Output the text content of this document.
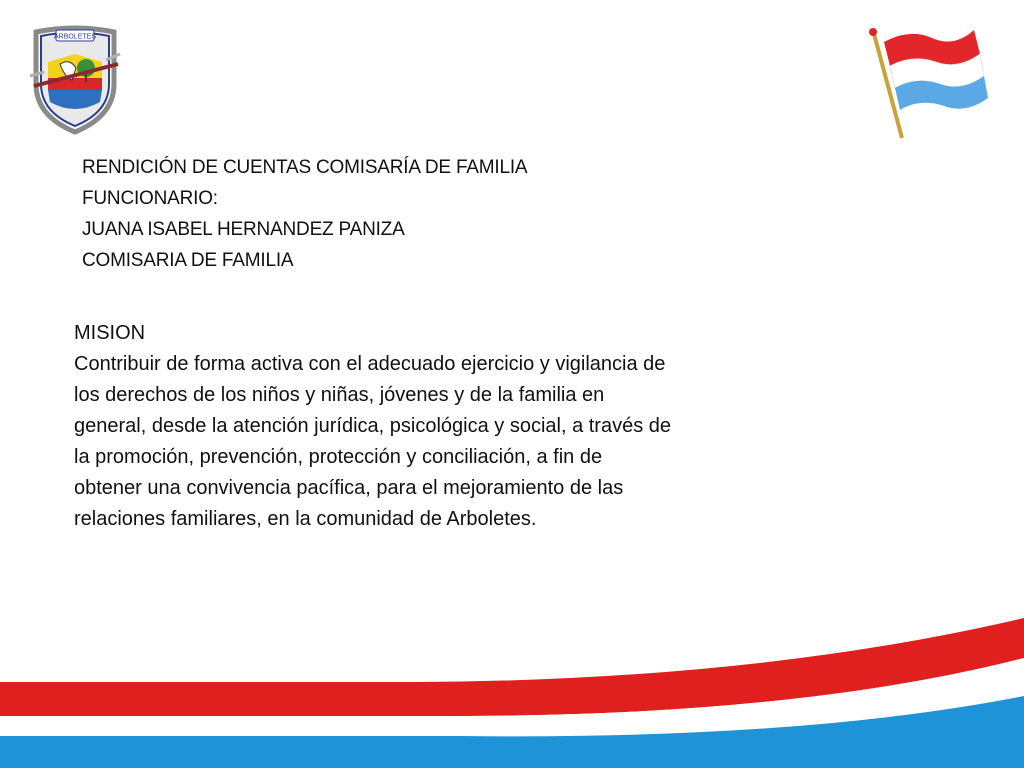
ARBOLETES
RENDICIÓN DE CUENTAS COMISARÍA DE FAMILIA
FUNCIONARIO:
JUANA ISABEL HERNANDEZ PANIZA
COMISARIA DE FAMILIA
MISION
Contribuir de forma activa con el adecuado ejercicio y vigilancia de
los derechos de los niños y niñas, jóvenes y de la familia en
general, desde la atención jurídica, psicológica y social, a través de
la promoción, prevención, protección y conciliación, a fin de
obtener una convivencia pacífica, para el mejoramiento de las
relaciones familiares, en la comunidad de Arboletes.
